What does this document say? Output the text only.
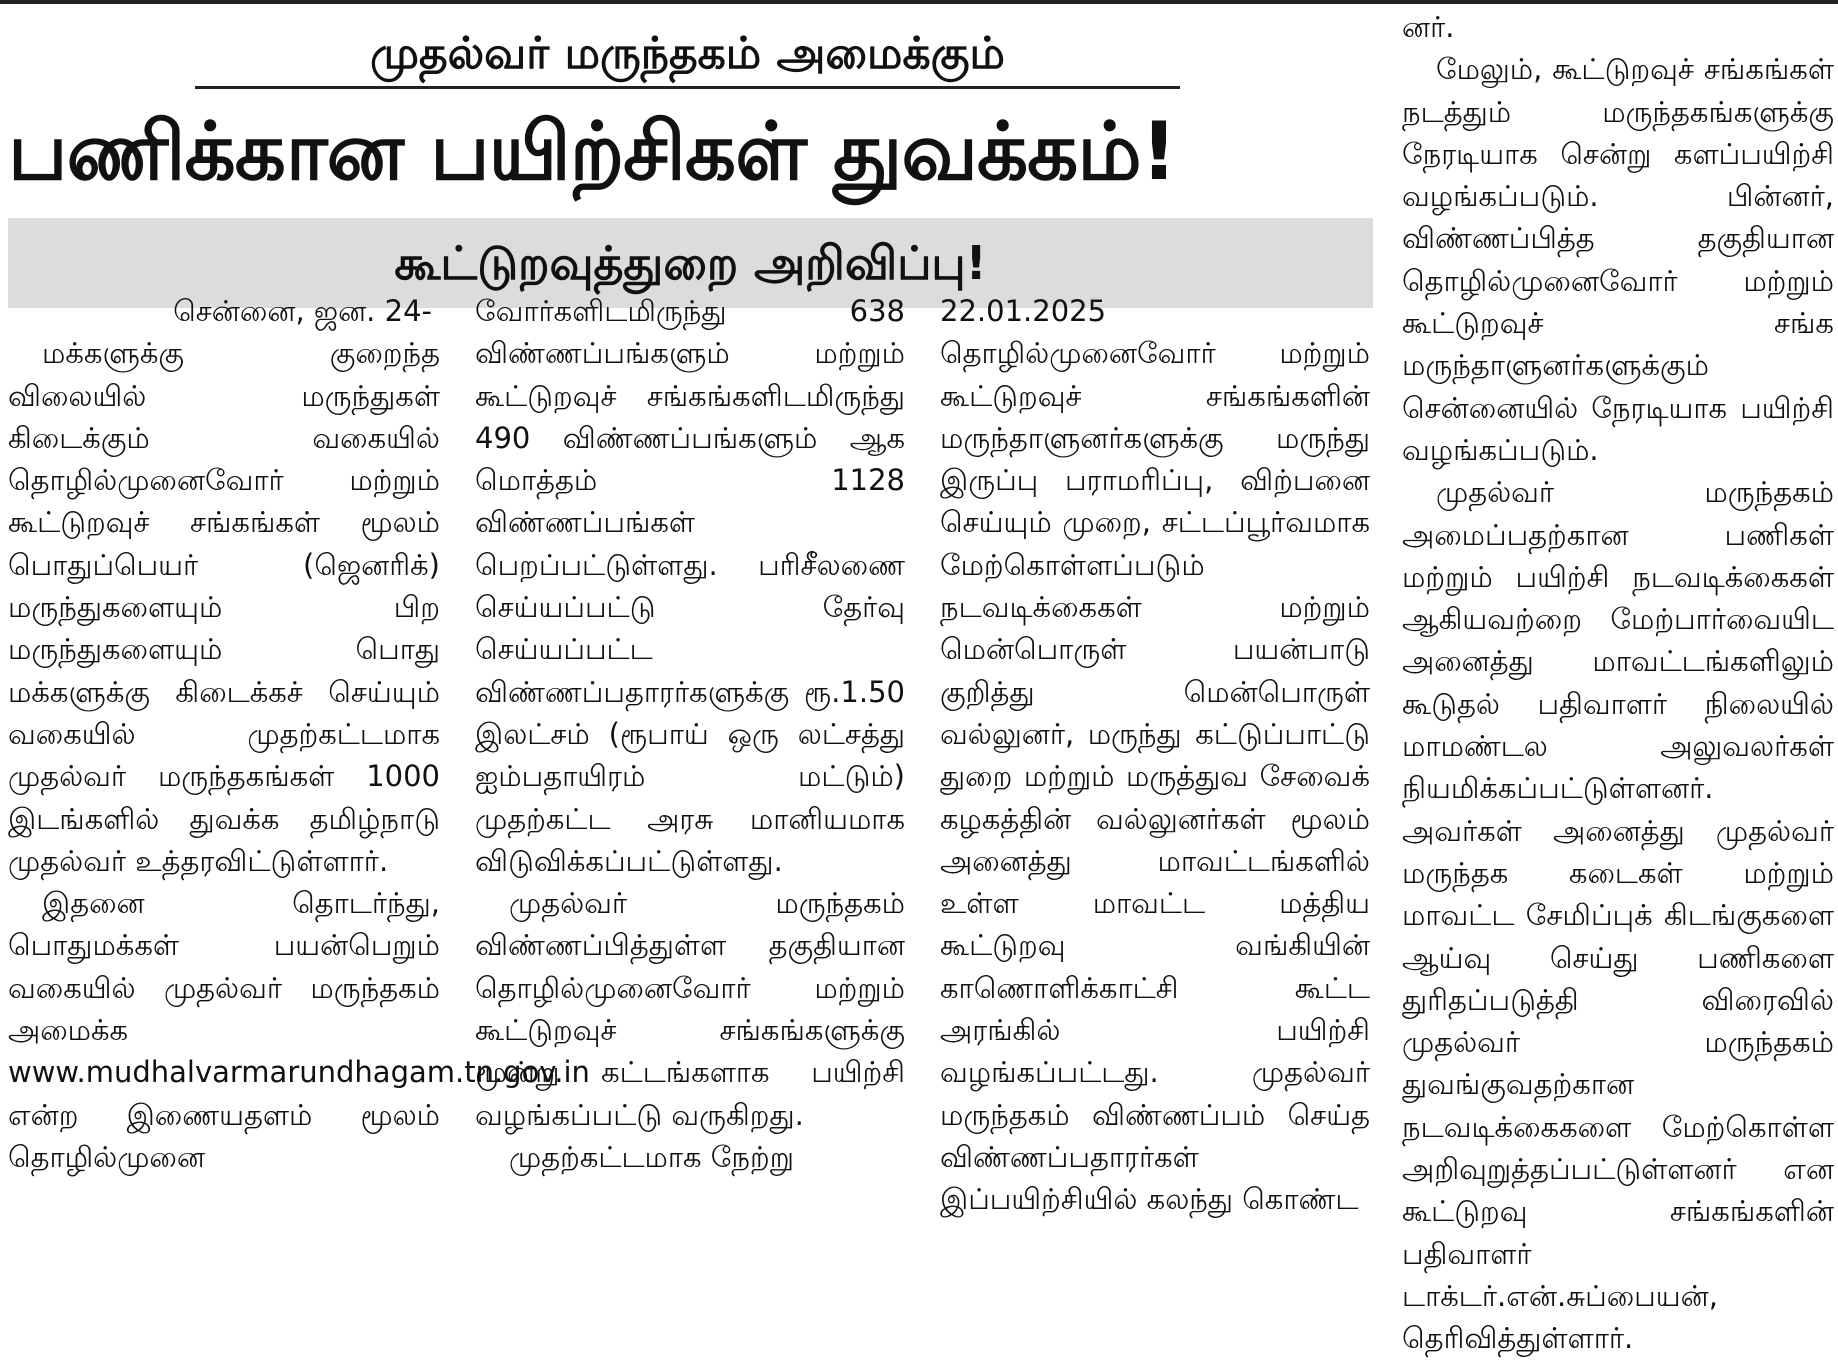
முதல்வர் மருந்தகம் அமைக்கும்
பணிக்கான பயிற்சிகள் துவக்கம்!
கூட்டுறவுத்துறை அறிவிப்பு!
சென்னை, ஜன. 24-

மக்களுக்கு குறைந்த விலையில் மருந்துகள் கிடைக்கும் வகையில் தொழில்முனைவோர் மற்றும் கூட்டுறவுச் சங்கங்கள் மூலம் பொதுப்பெயர் (ஜெனரிக்) மருந்துகளையும் பிற மருந்துகளையும் பொது மக்களுக்கு கிடைக்கச் செய்யும் வகையில் முதற்கட்டமாக முதல்வர் மருந்தகங்கள் 1000 இடங்களில் துவக்க தமிழ்நாடு முதல்வர் உத்தரவிட்டுள்ளார்.

இதனை தொடர்ந்து, பொதுமக்கள் பயன்பெறும் வகையில் முதல்வர் மருந்தகம் அமைக்க www.mudhalvarmarundhagam.tn.gov.in என்ற இணையதளம் மூலம் தொழில்முனை

வோர்களிடமிருந்து 638 விண்ணப்பங்களும் மற்றும் கூட்டுறவுச் சங்கங்களிடமிருந்து 490 விண்ணப்பங்களும் ஆக மொத்தம் 1128 விண்ணப்பங்கள் பெறப்பட்டுள்ளது. பரிசீலணை செய்யப்பட்டு தேர்வு செய்யப்பட்ட விண்ணப்பதாரர்களுக்கு ரூ.1.50 இலட்சம் (ரூபாய் ஒரு லட்சத்து ஐம்பதாயிரம் மட்டும்) முதற்கட்ட அரசு மானியமாக விடுவிக்கப்பட்டுள்ளது.

முதல்வர் மருந்தகம் விண்ணப்பித்துள்ள தகுதியான தொழில்முனைவோர் மற்றும் கூட்டுறவுச் சங்கங்களுக்கு மூன்று கட்டங்களாக பயிற்சி வழங்கப்பட்டு வருகிறது.

முதற்கட்டமாக நேற்று

22.01.2025 தொழில்முனைவோர் மற்றும் கூட்டுறவுச் சங்கங்களின் மருந்தாளுனர்களுக்கு மருந்து இருப்பு பராமரிப்பு, விற்பனை செய்யும் முறை, சட்டப்பூர்வமாக மேற்கொள்ளப்படும் நடவடிக்கைகள் மற்றும் மென்பொருள் பயன்பாடு குறித்து மென்பொருள் வல்லுனர், மருந்து கட்டுப்பாட்டு துறை மற்றும் மருத்துவ சேவைக் கழகத்தின் வல்லுனர்கள் மூலம் அனைத்து மாவட்டங்களில் உள்ள மாவட்ட மத்திய கூட்டுறவு வங்கியின் காணொளிக்காட்சி கூட்ட அரங்கில் பயிற்சி வழங்கப்பட்டது. முதல்வர் மருந்தகம் விண்ணப்பம் செய்த விண்ணப்பதாரர்கள் இப்பயிற்சியில் கலந்து கொண்ட

னர்.

மேலும், கூட்டுறவுச் சங்கங்கள் நடத்தும் மருந்தகங்களுக்கு நேரடியாக சென்று களப்பயிற்சி வழங்கப்படும். பின்னர், விண்ணப்பித்த தகுதியான தொழில்முனைவோர் மற்றும் கூட்டுறவுச் சங்க மருந்தாளுனர்களுக்கும் சென்னையில் நேரடியாக பயிற்சி வழங்கப்படும்.

முதல்வர் மருந்தகம் அமைப்பதற்கான பணிகள் மற்றும் பயிற்சி நடவடிக்கைகள் ஆகியவற்றை மேற்பார்வையிட அனைத்து மாவட்டங்களிலும் கூடுதல் பதிவாளர் நிலையில் மாமண்டல அலுவலர்கள் நியமிக்கப்பட்டுள்ளனர். அவர்கள் அனைத்து முதல்வர் மருந்தக கடைகள் மற்றும் மாவட்ட சேமிப்புக் கிடங்குகளை ஆய்வு செய்து பணிகளை துரிதப்படுத்தி விரைவில் முதல்வர் மருந்தகம் துவங்குவதற்கான நடவடிக்கைகளை மேற்கொள்ள அறிவுறுத்தப்பட்டுள்ளனர் என கூட்டுறவு சங்கங்களின் பதிவாளர் டாக்டர்.என்.சுப்பையன், தெரிவித்துள்ளார்.
